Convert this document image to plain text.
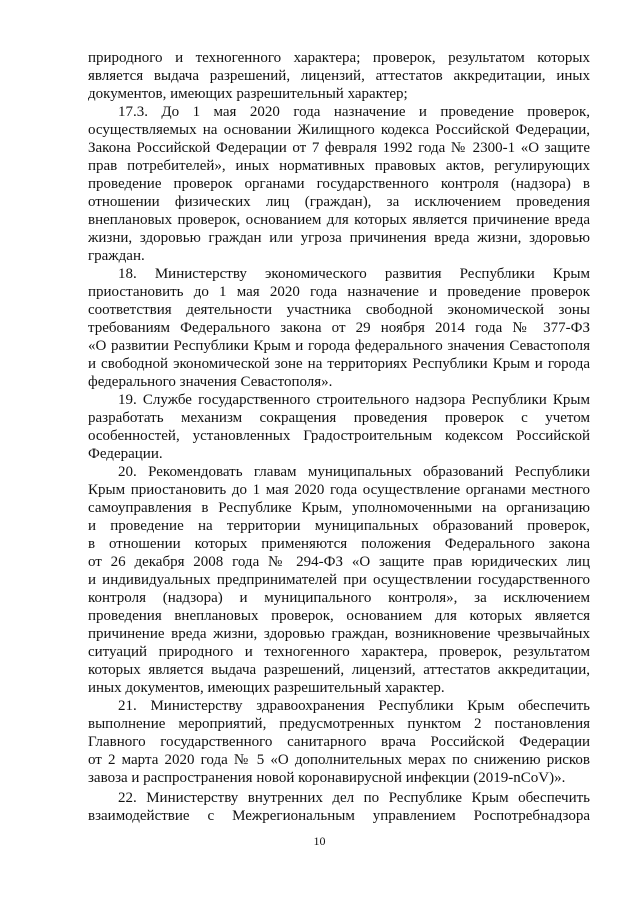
природного и техногенного характера; проверок, результатом которых
является выдача разрешений, лицензий, аттестатов аккредитации, иных
документов, имеющих разрешительный характер;
17.3. До 1 мая 2020 года назначение и проведение проверок,
осуществляемых на основании Жилищного кодекса Российской Федерации,
Закона Российской Федерации от 7 февраля 1992 года № 2300-1 «О защите
прав потребителей», иных нормативных правовых актов, регулирующих
проведение проверок органами государственного контроля (надзора) в
отношении физических лиц (граждан), за исключением проведения
внеплановых проверок, основанием для которых является причинение вреда
жизни, здоровью граждан или угроза причинения вреда жизни, здоровью
граждан.
18. Министерству экономического развития Республики Крым
приостановить до 1 мая 2020 года назначение и проведение проверок
соответствия деятельности участника свободной экономической зоны
требованиям Федерального закона от 29 ноября 2014 года № 377-ФЗ
«О развитии Республики Крым и города федерального значения Севастополя
и свободной экономической зоне на территориях Республики Крым и города
федерального значения Севастополя».
19. Службе государственного строительного надзора Республики Крым
разработать механизм сокращения проведения проверок с учетом
особенностей, установленных Градостроительным кодексом Российской
Федерации.
20. Рекомендовать главам муниципальных образований Республики
Крым приостановить до 1 мая 2020 года осуществление органами местного
самоуправления в Республике Крым, уполномоченными на организацию
и проведение на территории муниципальных образований проверок,
в отношении которых применяются положения Федерального закона
от 26 декабря 2008 года № 294-ФЗ «О защите прав юридических лиц
и индивидуальных предпринимателей при осуществлении государственного
контроля (надзора) и муниципального контроля», за исключением
проведения внеплановых проверок, основанием для которых является
причинение вреда жизни, здоровью граждан, возникновение чрезвычайных
ситуаций природного и техногенного характера, проверок, результатом
которых является выдача разрешений, лицензий, аттестатов аккредитации,
иных документов, имеющих разрешительный характер.
21. Министерству здравоохранения Республики Крым обеспечить
выполнение мероприятий, предусмотренных пунктом 2 постановления
Главного государственного санитарного врача Российской Федерации
от 2 марта 2020 года № 5 «О дополнительных мерах по снижению рисков
завоза и распространения новой коронавирусной инфекции (2019-nCoV)».
22. Министерству внутренних дел по Республике Крым обеспечить
взаимодействие с Межрегиональным управлением Роспотребнадзора
10
